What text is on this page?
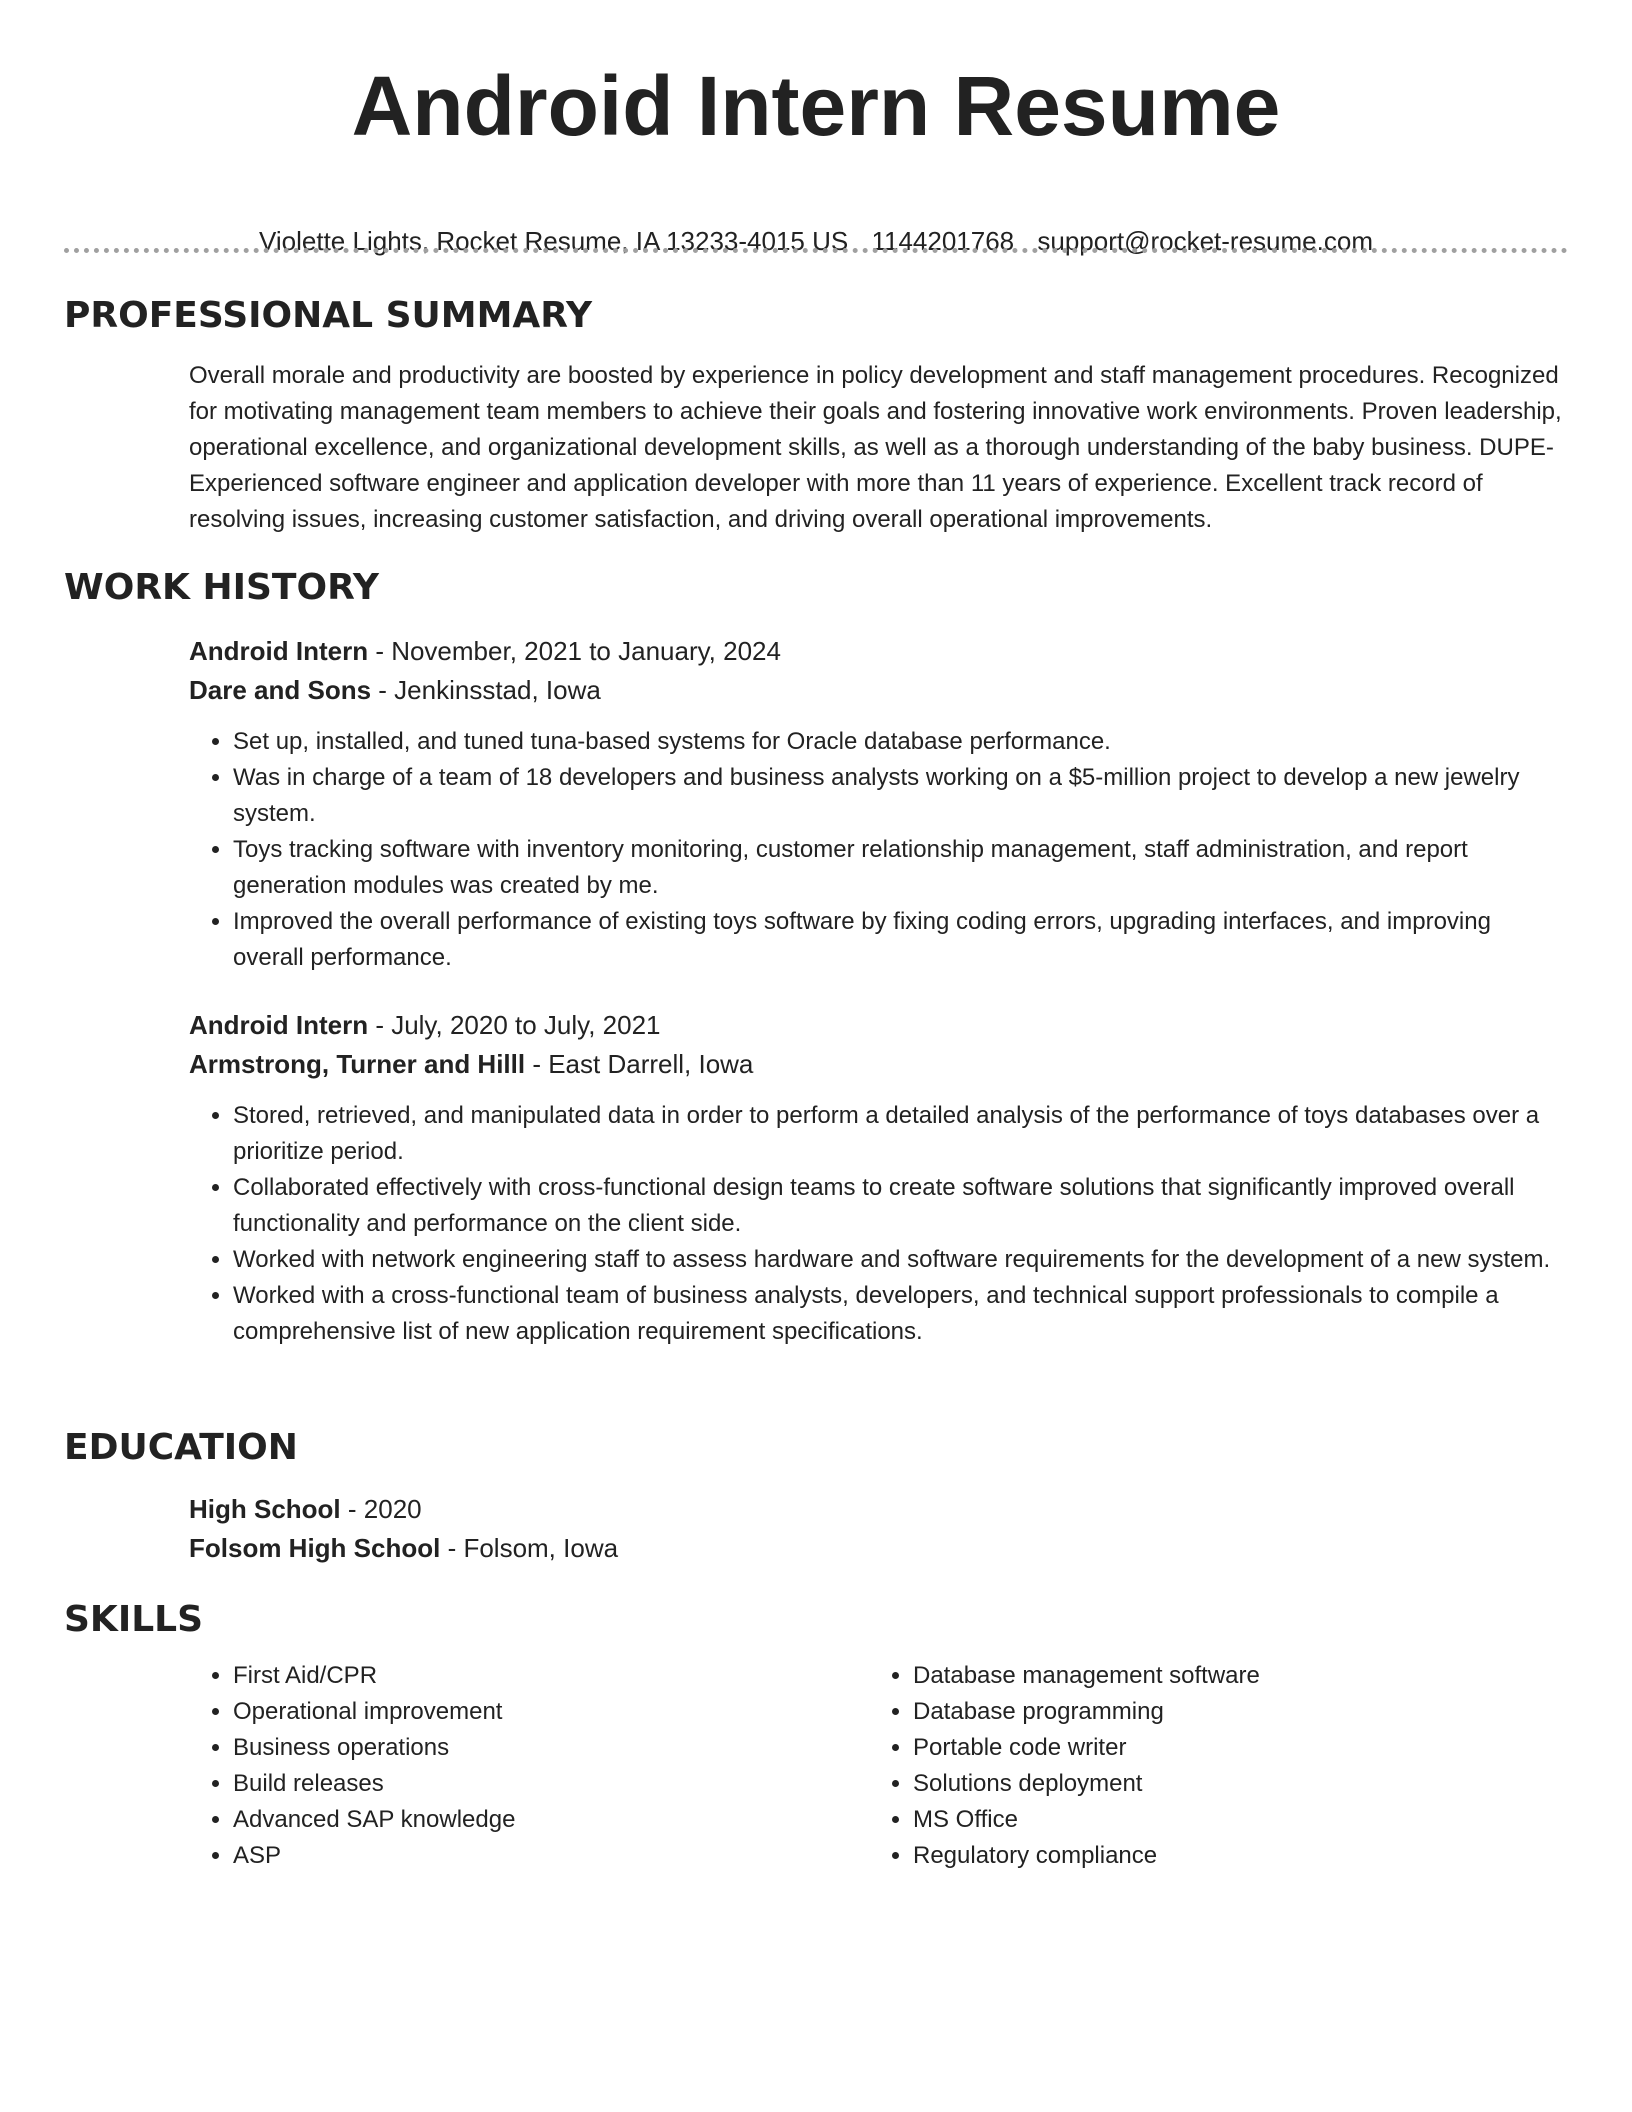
Android Intern Resume
Violette Lights, Rocket Resume, IA 13233-4015 US 1144201768 support@rocket-resume.com
PROFESSIONAL SUMMARY
Overall morale and productivity are boosted by experience in policy development and staff management procedures. Recognized for motivating management team members to achieve their goals and fostering innovative work environments. Proven leadership, operational excellence, and organizational development skills, as well as a thorough understanding of the baby business. DUPE- Experienced software engineer and application developer with more than 11 years of experience. Excellent track record of resolving issues, increasing customer satisfaction, and driving overall operational improvements.
WORK HISTORY
Android Intern - November, 2021 to January, 2024
Dare and Sons - Jenkinsstad, Iowa
• Set up, installed, and tuned tuna-based systems for Oracle database performance.
• Was in charge of a team of 18 developers and business analysts working on a $5-million project to develop a new jewelry system.
• Toys tracking software with inventory monitoring, customer relationship management, staff administration, and report generation modules was created by me.
• Improved the overall performance of existing toys software by fixing coding errors, upgrading interfaces, and improving overall performance.
Android Intern - July, 2020 to July, 2021
Armstrong, Turner and Hilll - East Darrell, Iowa
• Stored, retrieved, and manipulated data in order to perform a detailed analysis of the performance of toys databases over a prioritize period.
• Collaborated effectively with cross-functional design teams to create software solutions that significantly improved overall functionality and performance on the client side.
• Worked with network engineering staff to assess hardware and software requirements for the development of a new system.
• Worked with a cross-functional team of business analysts, developers, and technical support professionals to compile a comprehensive list of new application requirement specifications.
EDUCATION
High School - 2020
Folsom High School - Folsom, Iowa
SKILLS
• First Aid/CPR
• Operational improvement
• Business operations
• Build releases
• Advanced SAP knowledge
• ASP
• Database management software
• Database programming
• Portable code writer
• Solutions deployment
• MS Office
• Regulatory compliance
